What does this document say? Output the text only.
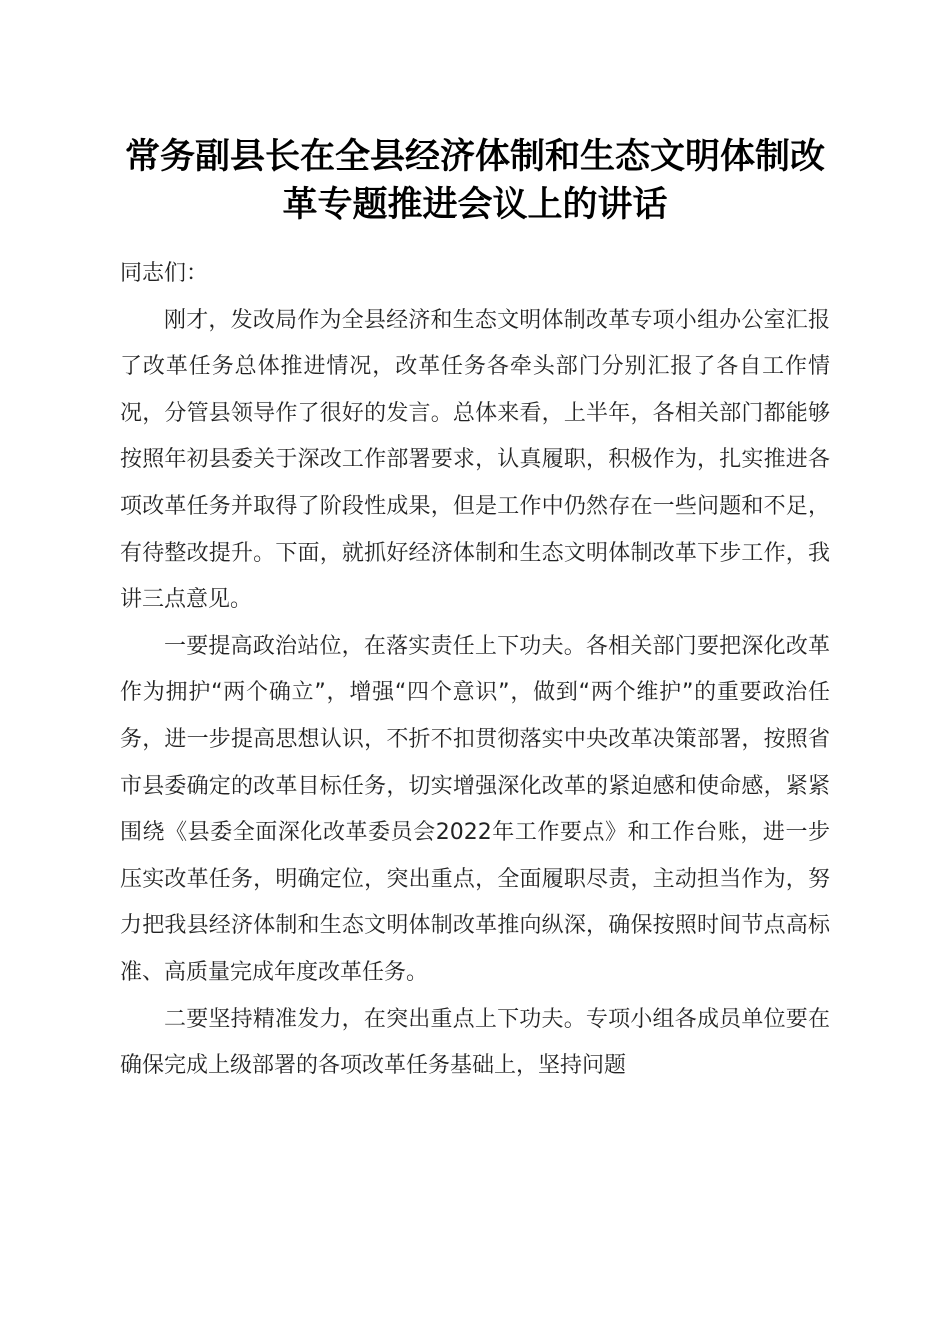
常务副县长在全县经济体制和生态文明体制改
革专题推进会议上的讲话

同志们：

刚才，发改局作为全县经济和生态文明体制改革专项小组办公室汇报了改革任务总体推进情况，改革任务各牵头部门分别汇报了各自工作情况，分管县领导作了很好的发言。总体来看，上半年，各相关部门都能够按照年初县委关于深改工作部署要求，认真履职，积极作为，扎实推进各项改革任务并取得了阶段性成果，但是工作中仍然存在一些问题和不足，有待整改提升。下面，就抓好经济体制和生态文明体制改革下步工作，我讲三点意见。

一要提高政治站位，在落实责任上下功夫。各相关部门要把深化改革作为拥护“两个确立”，增强“四个意识”，做到“两个维护”的重要政治任务，进一步提高思想认识，不折不扣贯彻落实中央改革决策部署，按照省市县委确定的改革目标任务，切实增强深化改革的紧迫感和使命感，紧紧围绕《县委全面深化改革委员会2022年工作要点》和工作台账，进一步压实改革任务，明确定位，突出重点，全面履职尽责，主动担当作为，努力把我县经济体制和生态文明体制改革推向纵深，确保按照时间节点高标准、高质量完成年度改革任务。

二要坚持精准发力，在突出重点上下功夫。专项小组各成员单位要在确保完成上级部署的各项改革任务基础上，坚持问题
